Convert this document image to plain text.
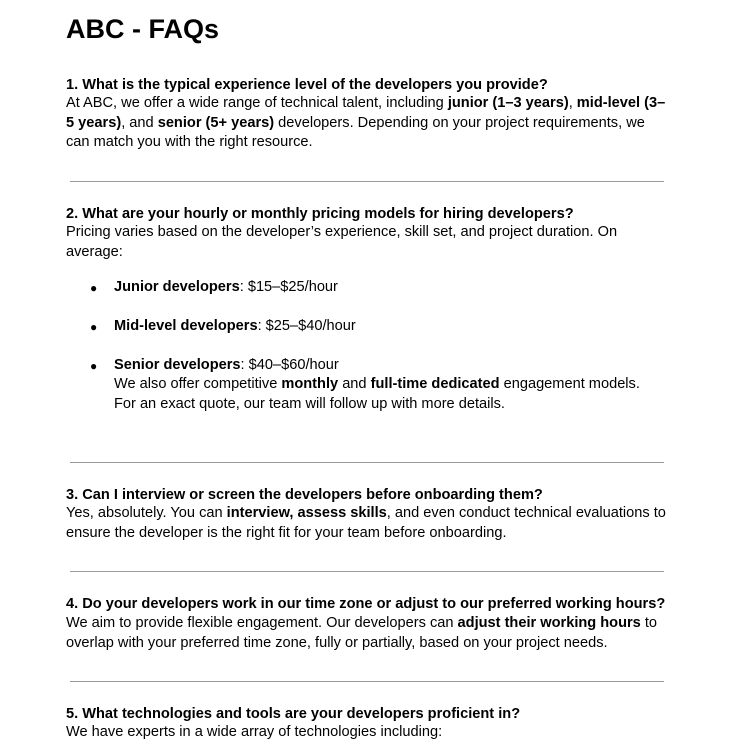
ABC - FAQs
1. What is the typical experience level of the developers you provide?
At ABC, we offer a wide range of technical talent, including junior (1–3 years), mid-level (3–5 years), and senior (5+ years) developers. Depending on your project requirements, we can match you with the right resource.
2. What are your hourly or monthly pricing models for hiring developers?
Pricing varies based on the developer’s experience, skill set, and project duration. On average:
● Junior developers: $15–$25/hour
● Mid-level developers: $25–$40/hour
● Senior developers: $40–$60/hour
We also offer competitive monthly and full-time dedicated engagement models.
For an exact quote, our team will follow up with more details.
3. Can I interview or screen the developers before onboarding them?
Yes, absolutely. You can interview, assess skills, and even conduct technical evaluations to ensure the developer is the right fit for your team before onboarding.
4. Do your developers work in our time zone or adjust to our preferred working hours?
We aim to provide flexible engagement. Our developers can adjust their working hours to overlap with your preferred time zone, fully or partially, based on your project needs.
5. What technologies and tools are your developers proficient in?
We have experts in a wide array of technologies including:
